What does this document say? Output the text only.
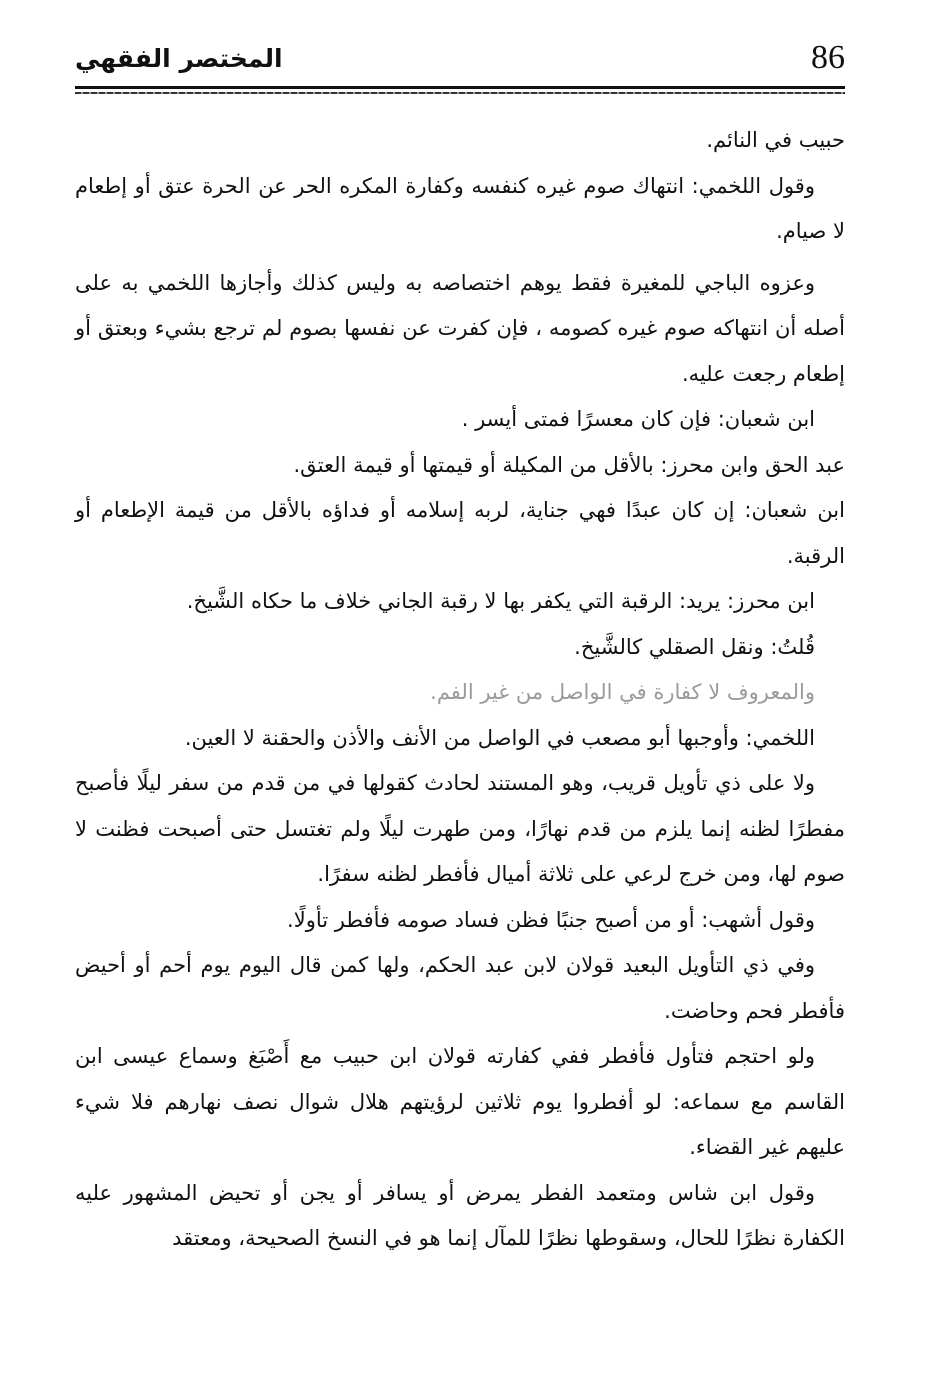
المختصر الفقهي	86

حبيب في النائم.

وقول اللخمي: انتهاك صوم غيره كنفسه وكفارة المكره الحر عن الحرة عتق أو إطعام لا صيام.

وعزوه الباجي للمغيرة فقط يوهم اختصاصه به وليس كذلك وأجازها اللخمي به على أصله أن انتهاكه صوم غيره كصومه ، فإن كفرت عن نفسها بصوم لم ترجع بشيء وبعتق أو إطعام رجعت عليه.

ابن شعبان: فإن كان معسرًا فمتى أيسر .

عبد الحق وابن محرز: بالأقل من المكيلة أو قيمتها أو قيمة العتق.

ابن شعبان: إن كان عبدًا فهي جناية، لربه إسلامه أو فداؤه بالأقل من قيمة الإطعام أو الرقبة.

ابن محرز: يريد: الرقبة التي يكفر بها لا رقبة الجاني خلاف ما حكاه الشَّيخ.

قُلتُ: ونقل الصقلي كالشَّيخ.

والمعروف لا كفارة في الواصل من غير الفم.

اللخمي: وأوجبها أبو مصعب في الواصل من الأنف والأذن والحقنة لا العين.

ولا على ذي تأويل قريب، وهو المستند لحادث كقولها في من قدم من سفر ليلًا فأصبح مفطرًا لظنه إنما يلزم من قدم نهارًا، ومن طهرت ليلًا ولم تغتسل حتى أصبحت فظنت لا صوم لها، ومن خرج لرعي على ثلاثة أميال فأفطر لظنه سفرًا.

وقول أشهب: أو من أصبح جنبًا فظن فساد صومه فأفطر تأولًا.

وفي ذي التأويل البعيد قولان لابن عبد الحكم، ولها كمن قال اليوم يوم أحم أو أحيض فأفطر فحم وحاضت.

ولو احتجم فتأول فأفطر ففي كفارته قولان ابن حبيب مع أَصْبَغ وسماع عيسى ابن القاسم مع سماعه: لو أفطروا يوم ثلاثين لرؤيتهم هلال شوال نصف نهارهم فلا شيء عليهم غير القضاء.

وقول ابن شاس ومتعمد الفطر يمرض أو يسافر أو يجن أو تحيض المشهور عليه الكفارة نظرًا للحال، وسقوطها نظرًا للمآل إنما هو في النسخ الصحيحة، ومعتقد
